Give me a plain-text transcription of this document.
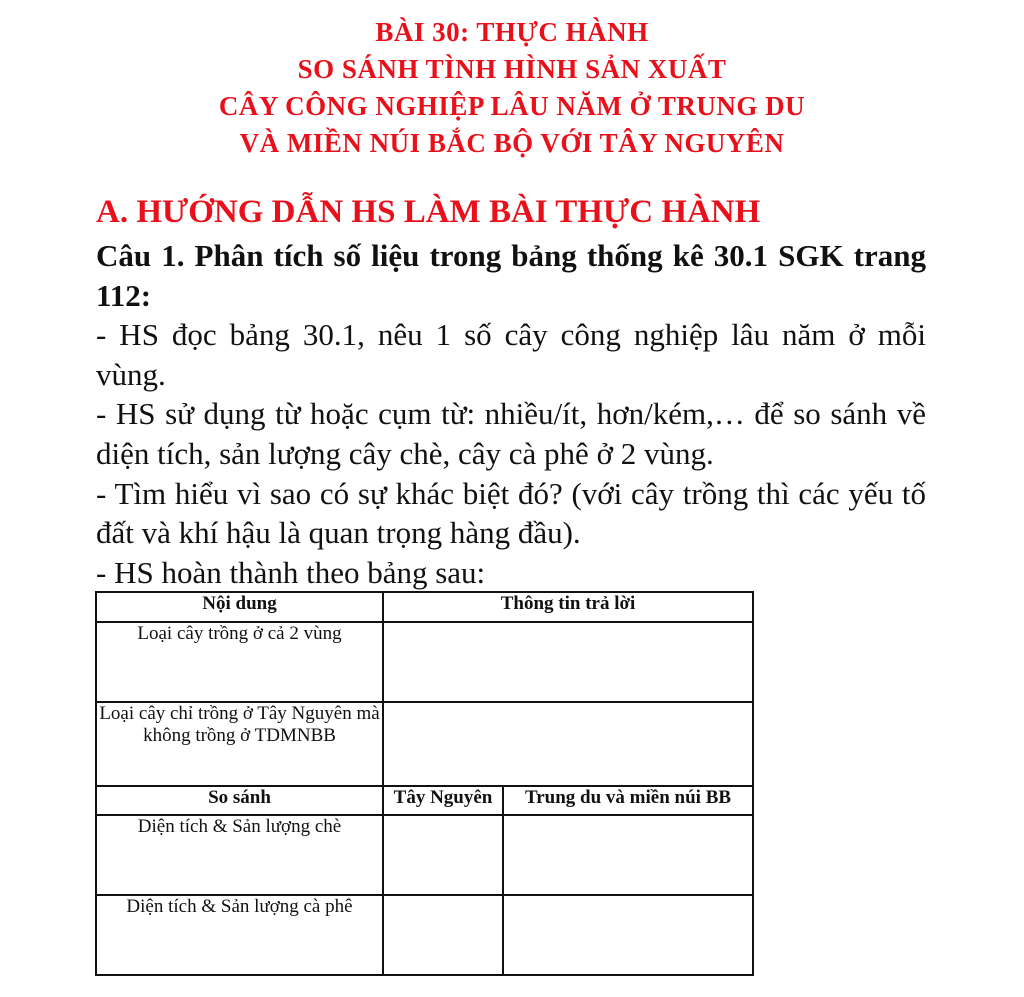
BÀI 30: THỰC HÀNH
SO SÁNH TÌNH HÌNH SẢN XUẤT
CÂY CÔNG NGHIỆP LÂU NĂM Ở TRUNG DU
VÀ MIỀN NÚI BẮC BỘ VỚI TÂY NGUYÊN
A. HƯỚNG DẪN HS LÀM BÀI THỰC HÀNH

Câu 1. Phân tích số liệu trong bảng thống kê 30.1 SGK trang 112:

- HS đọc bảng 30.1, nêu 1 số cây công nghiệp lâu năm ở mỗi vùng.

- HS sử dụng từ hoặc cụm từ: nhiều/ít, hơn/kém,… để so sánh về diện tích, sản lượng cây chè, cây cà phê ở 2 vùng.

- Tìm hiểu vì sao có sự khác biệt đó? (với cây trồng thì các yếu tố đất và khí hậu là quan trọng hàng đầu).

- HS hoàn thành theo bảng sau:

Nội dung	Thông tin trả lời	
Loại cây trồng ở cả 2 vùng		
Loại cây chỉ trồng ở Tây Nguyên mà không trồng ở TDMNBB		
So sánh	Tây Nguyên	Trung du và miền núi BB
Diện tích & Sản lượng chè		
Diện tích & Sản lượng cà phê		
